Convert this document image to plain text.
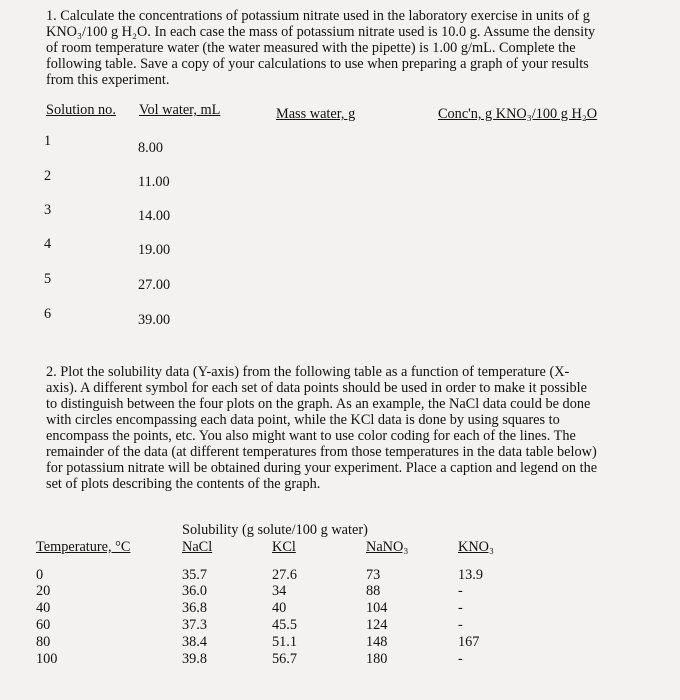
1. Calculate the concentrations of potassium nitrate used in the laboratory exercise in units of g
KNO₃/100 g H₂O. In each case the mass of potassium nitrate used is 10.0 g. Assume the density
of room temperature water (the water measured with the pipette) is 1.00 g/mL. Complete the
following table. Save a copy of your calculations to use when preparing a graph of your results
from this experiment.
Solution no. Vol water, mL	Mass water, g	Conc'n, g KNO₃/100 g H₂O
1	8.00
2	11.00
3	14.00
4	19.00
5	27.00
6	39.00
2. Plot the solubility data (Y-axis) from the following table as a function of temperature (X-
axis). A different symbol for each set of data points should be used in order to make it possible
to distinguish between the four plots on the graph. As an example, the NaCl data could be done
with circles encompassing each data point, while the KCl data is done by using squares to
encompass the points, etc. You also might want to use color coding for each of the lines. The
remainder of the data (at different temperatures from those temperatures in the data table below)
for potassium nitrate will be obtained during your experiment. Place a caption and legend on the
set of plots describing the contents of the graph.
Solubility (g solute/100 g water)
Temperature, °C	NaCl	KCl	NaNO₃	KNO₃
0	35.7	27.6	73	13.9
20	36.0	34	88	-
40	36.8	40	104	-
60	37.3	45.5	124	-
80	38.4	51.1	148	167
100	39.8	56.7	180	-
